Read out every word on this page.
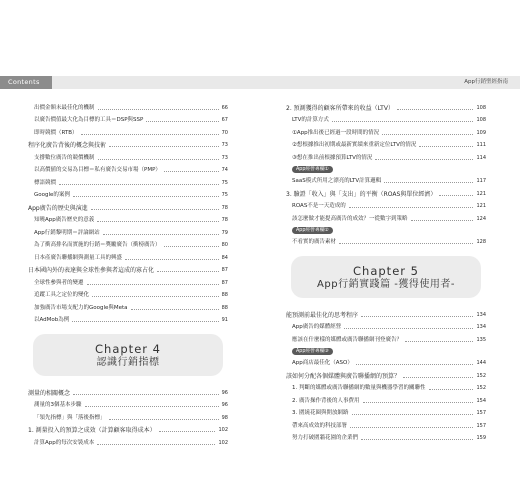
Contents	App行銷聖經指南
出價金額未最佳化的機制	66
以廣告價值最大化為目標的工具＝DSP與SSP	67
即時競價（RTB）	70
程序化廣告背後的概念與技術	73
支撐數位廣告的競價機制	73
以高價値的交易為目標＝私有廣告交易市場（PMP）	74
標語競價	75
Google的案例	75
App廣告的歷史與演進	78
知曉App廣告歷史的意義	78
App行銷黎明期＝評論網站	79
為了衝高排名而實施的行銷＝獎勵廣告（衝榜廣告）	80
日本產廣告聯播網與測量工具的興盛	84
日本國內外的表達與全球性參與者這成的寡占化	87
全球性參與者的變遷	87
追蹤工具之定位的變化	88
加強廣告市場支配力的Google與Meta	88
以AdMob為例	91
Chapter 4
認識行銷指標
測量的相關概念	96
測量的3個基本步驟	96
「領先指標」與「落後指標」	98
1. 測量投入的預算之成效（計算顧客取得成本）	102
計算App的每次安裝成本	102
2. 預測獲得的顧客所帶來的收益（LTV）	108
LTV的計算方式	108
①App推出後已經過一段時間的情況	109
②想根據推出初期或最新實績來重新定位LTV的情況	111
③想在推出前根據預算LTV的情況	114
App經營專欄①
SaaS模式所用之漂亮的LTV計算邏輯	117
3. 驗證「收入」與「支出」的平衡（ROAS與單位經濟）	121
ROAS不是一天造成的	121
該怎麼做才能提高廣告的成效？一從數字到策略	124
App經營專欄②
不看實的廣告素材	128
Chapter 5
App行銷實踐篇 -獲得使用者-
能預測前最佳化的思考程序	134
App廣告的媒體經營	134
應該在什麼樣的媒體或廣告聯播網刊登廣告？	135
App經營專欄③
App商店最佳化（ASO）	144
該如何分配各個媒體與廣告聯播網的預算？	152
1. 判斷的媒體或廣告聯播網的數量與機器學習的關聯性	152
2. 廣告操作背後的人事費用	154
3. 圍繞花圈與開放網路	157
帶來高成效的科技部署	157
努力打破圍牆花園的企業們	159
